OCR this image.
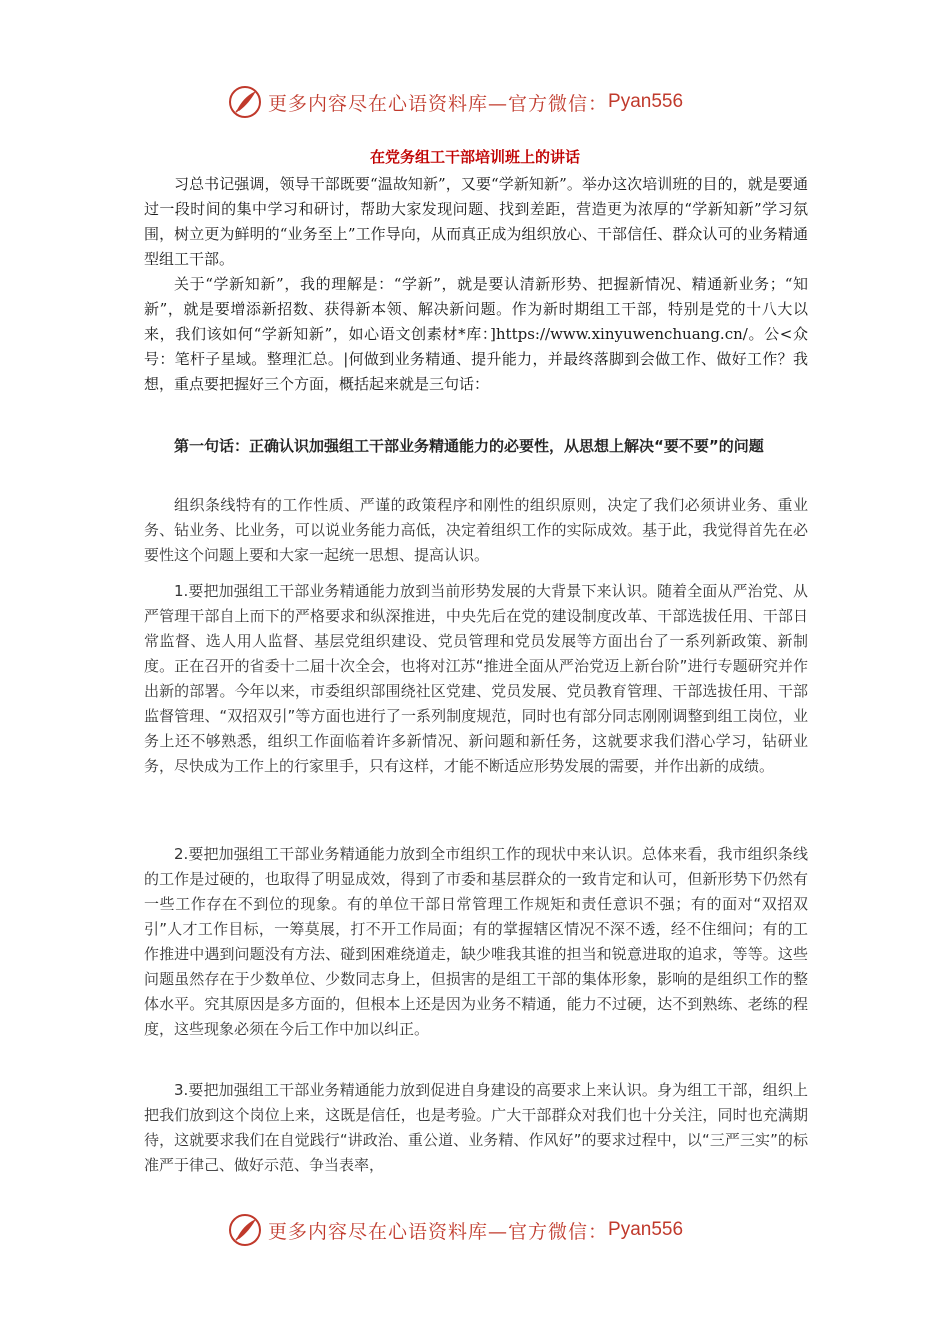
更多内容尽在心语资料库—官方微信： Pyan556
在党务组工干部培训班上的讲话

习总书记强调，领导干部既要“温故知新”，又要“学新知新”。举办这次培训班的目的，就是要通过一段时间的集中学习和研讨，帮助大家发现问题、找到差距，营造更为浓厚的“学新知新”学习氛围，树立更为鲜明的“业务至上”工作导向，从而真正成为组织放心、干部信任、群众认可的业务精通型组工干部。

关于“学新知新”，我的理解是：“学新”，就是要认清新形势、把握新情况、精通新业务；“知新”，就是要增添新招数、获得新本领、解决新问题。作为新时期组工干部，特别是党的十八大以来，我们该如何“学新知新”，如心语文创素材*库：]https://www.xinyuwenchuang.cn/。公<众号：笔杆子星域。整理汇总。|何做到业务精通、提升能力，并最终落脚到会做工作、做好工作？我想，重点要把握好三个方面，概括起来就是三句话：

第一句话：正确认识加强组工干部业务精通能力的必要性，从思想上解决“要不要”的问题

组织条线特有的工作性质、严谨的政策程序和刚性的组织原则，决定了我们必须讲业务、重业务、钻业务、比业务，可以说业务能力高低，决定着组织工作的实际成效。基于此，我觉得首先在必要性这个问题上要和大家一起统一思想、提高认识。

1.要把加强组工干部业务精通能力放到当前形势发展的大背景下来认识。随着全面从严治党、从严管理干部自上而下的严格要求和纵深推进，中央先后在党的建设制度改革、干部选拔任用、干部日常监督、选人用人监督、基层党组织建设、党员管理和党员发展等方面出台了一系列新政策、新制度。正在召开的省委十二届十次全会，也将对江苏“推进全面从严治党迈上新台阶”进行专题研究并作出新的部署。今年以来，市委组织部围绕社区党建、党员发展、党员教育管理、干部选拔任用、干部监督管理、“双招双引”等方面也进行了一系列制度规范，同时也有部分同志刚刚调整到组工岗位，业务上还不够熟悉，组织工作面临着许多新情况、新问题和新任务，这就要求我们潜心学习，钻研业务，尽快成为工作上的行家里手，只有这样，才能不断适应形势发展的需要，并作出新的成绩。

2.要把加强组工干部业务精通能力放到全市组织工作的现状中来认识。总体来看，我市组织条线的工作是过硬的，也取得了明显成效，得到了市委和基层群众的一致肯定和认可，但新形势下仍然有一些工作存在不到位的现象。有的单位干部日常管理工作规矩和责任意识不强；有的面对“双招双引”人才工作目标，一筹莫展，打不开工作局面；有的掌握辖区情况不深不透，经不住细问；有的工作推进中遇到问题没有方法、碰到困难绕道走，缺少唯我其谁的担当和锐意进取的追求，等等。这些问题虽然存在于少数单位、少数同志身上，但损害的是组工干部的集体形象，影响的是组织工作的整体水平。究其原因是多方面的，但根本上还是因为业务不精通，能力不过硬，达不到熟练、老练的程度，这些现象必须在今后工作中加以纠正。

3.要把加强组工干部业务精通能力放到促进自身建设的高要求上来认识。身为组工干部，组织上把我们放到这个岗位上来，这既是信任，也是考验。广大干部群众对我们也十分关注，同时也充满期待，这就要求我们在自觉践行“讲政治、重公道、业务精、作风好”的要求过程中，以“三严三实”的标准严于律己、做好示范、争当表率，

更多内容尽在心语资料库—官方微信： Pyan556
